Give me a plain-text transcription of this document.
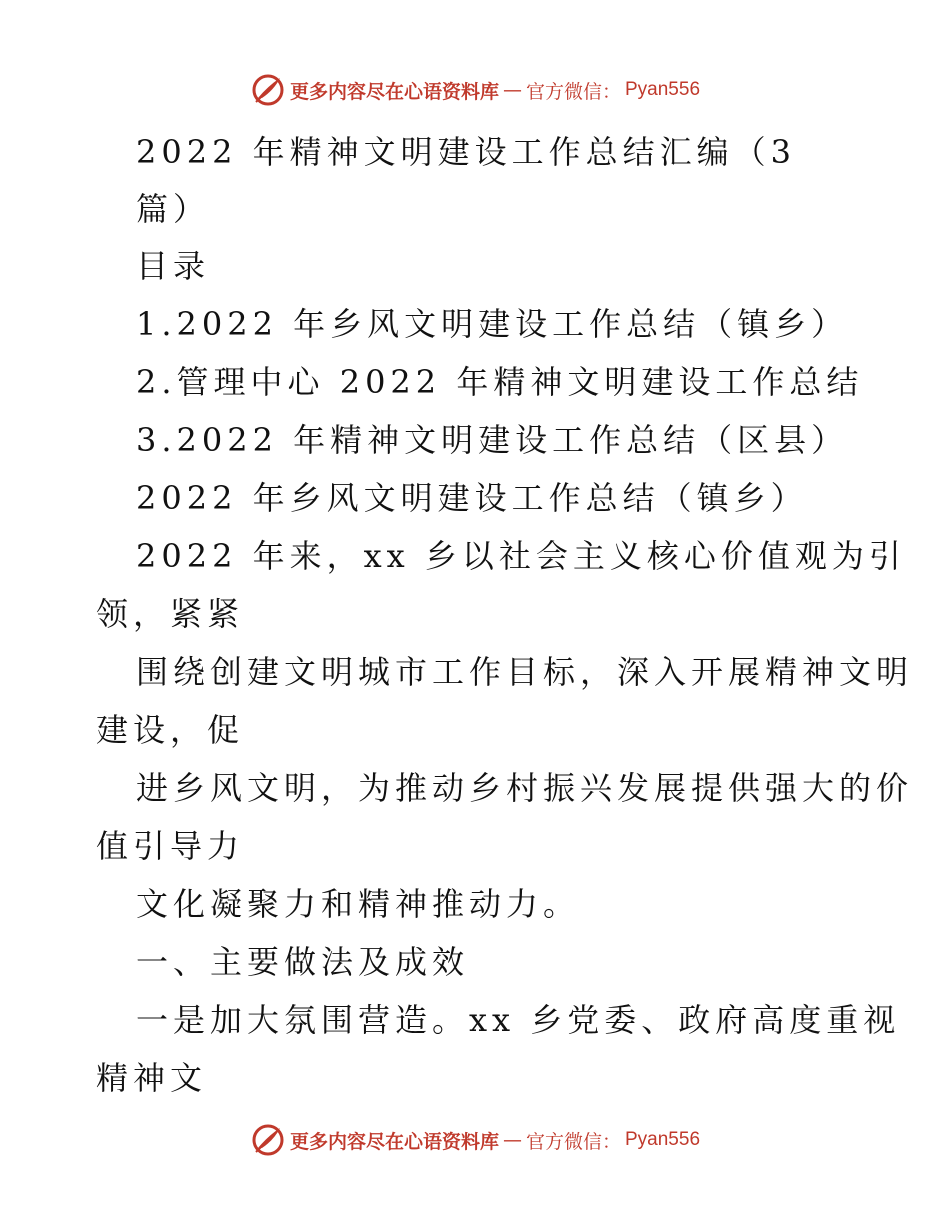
更多内容尽在心语资料库 — 官方微信： Pyan556
2022 年精神文明建设工作总结汇编（3
篇）
目录
1.2022 年乡风文明建设工作总结（镇乡）
2.管理中心 2022 年精神文明建设工作总结
3.2022 年精神文明建设工作总结（区县）
2022 年乡风文明建设工作总结（镇乡）
2022 年来，xx 乡以社会主义核心价值观为引
领，紧紧
围绕创建文明城市工作目标，深入开展精神文明
建设，促
进乡风文明，为推动乡村振兴发展提供强大的价
值引导力
文化凝聚力和精神推动力。
一、主要做法及成效
一是加大氛围营造。xx 乡党委、政府高度重视
精神文
更多内容尽在心语资料库 — 官方微信： Pyan556
